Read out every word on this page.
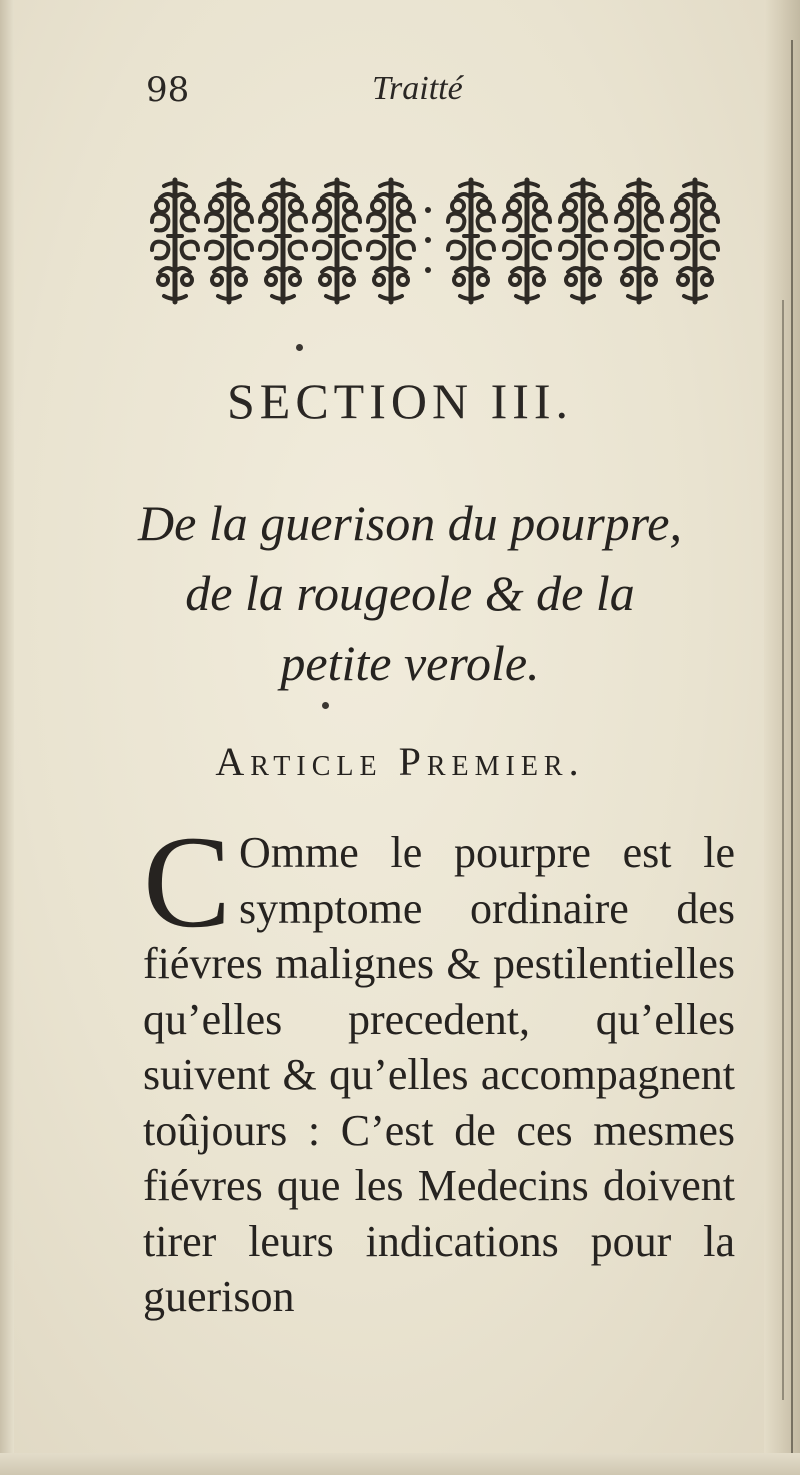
98	Traitté
SECTION III.
De la guerison du pourpre,
de la rougeole & de la
petite verole.
Article Premier.
C Omme le pourpre est le symptome ordinaire des fiévres malignes & pestilentielles qu’elles precedent, qu’elles suivent & qu’elles accompagnent toûjours : C’est de ces mesmes fiévres que les Medecins doivent tirer leurs indications pour la guerison
